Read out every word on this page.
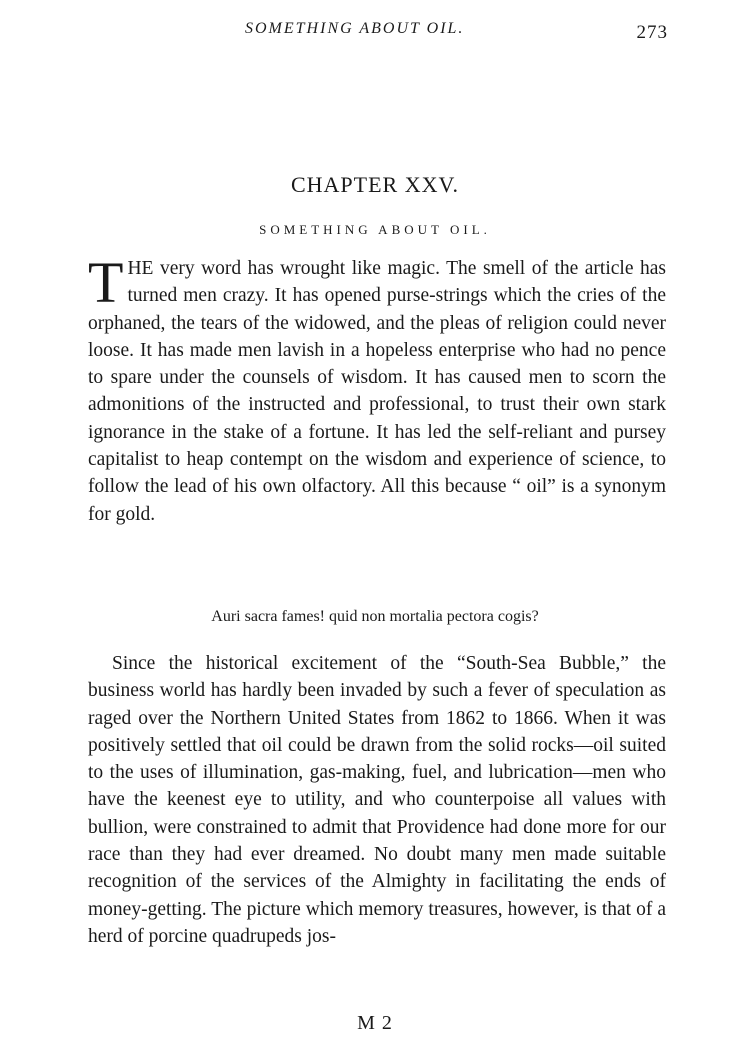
SOMETHING ABOUT OIL.	273
CHAPTER XXV.
SOMETHING ABOUT OIL.
T HE very word has wrought like magic. The smell of the article has turned men crazy. It has opened purse-strings which the cries of the orphaned, the tears of the widowed, and the pleas of religion could never loose. It has made men lavish in a hopeless enterprise who had no pence to spare under the counsels of wisdom. It has caused men to scorn the admonitions of the instructed and professional, to trust their own stark ignorance in the stake of a fortune. It has led the self-reliant and pursey capitalist to heap contempt on the wisdom and experience of science, to follow the lead of his own olfactory. All this because “ oil” is a synonym for gold.
Auri sacra fames! quid non mortalia pectora cogis?
Since the historical excitement of the “South-Sea Bubble,” the business world has hardly been invaded by such a fever of speculation as raged over the Northern United States from 1862 to 1866. When it was positively settled that oil could be drawn from the solid rocks—oil suited to the uses of illumination, gas-making, fuel, and lubrication—men who have the keenest eye to utility, and who counterpoise all values with bullion, were constrained to admit that Providence had done more for our race than they had ever dreamed. No doubt many men made suitable recognition of the services of the Almighty in facilitating the ends of money-getting. The picture which memory treasures, however, is that of a herd of porcine quadrupeds jos-
M 2
